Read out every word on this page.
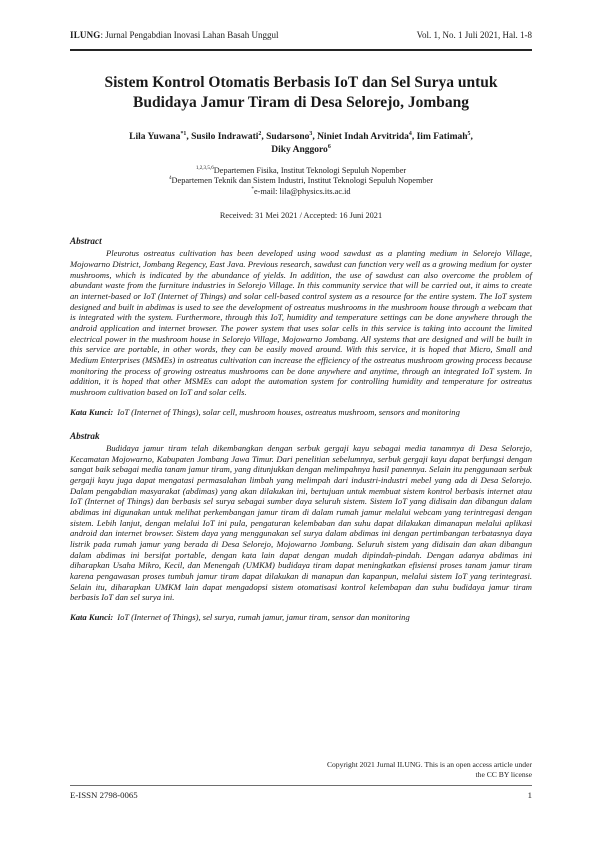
ILUNG: Jurnal Pengabdian Inovasi Lahan Basah Unggul	Vol. 1, No. 1 Juli 2021, Hal. 1-8
Sistem Kontrol Otomatis Berbasis IoT dan Sel Surya untuk
Budidaya Jamur Tiram di Desa Selorejo, Jombang
Lila Yuwana$^{*1}$, Susilo Indrawati$^2$, Sudarsono$^3$, Niniet Indah Arvitrida$^4$, Iim Fatimah$^5$,
Diky Anggoro$^6$
$^{1,2,3,5,6}$Departemen Fisika, Institut Teknologi Sepuluh Nopember
$^4$Departemen Teknik dan Sistem Industri, Institut Teknologi Sepuluh Nopember
*e-mail: lila@physics.its.ac.id
Received: 31 Mei 2021 / Accepted: 16 Juni 2021
Abstract

Pleurotus ostreatus cultivation has been developed using wood sawdust as a planting medium in Selorejo Village, Mojowarno District, Jombang Regency, East Java. Previous research, sawdust can function very well as a growing medium for oyster mushrooms, which is indicated by the abundance of yields. In addition, the use of sawdust can also overcome the problem of abundant waste from the furniture industries in Selorejo Village. In this community service that will be carried out, it aims to create an internet-based or IoT (Internet of Things) and solar cell-based control system as a resource for the entire system. The IoT system designed and built in abdimas is used to see the development of ostreatus mushrooms in the mushroom house through a webcam that is integrated with the system. Furthermore, through this IoT, humidity and temperature settings can be done anywhere through the android application and internet browser. The power system that uses solar cells in this service is taking into account the limited electrical power in the mushroom house in Selorejo Village, Mojowarno Jombang. All systems that are designed and will be built in this service are portable, in other words, they can be easily moved around. With this service, it is hoped that Micro, Small and Medium Enterprises (MSMEs) in ostreatus cultivation can increase the efficiency of the ostreatus mushroom growing process because monitoring the process of growing ostreatus mushrooms can be done anywhere and anytime, through an integrated IoT system. In addition, it is hoped that other MSMEs can adopt the automation system for controlling humidity and temperature for ostreatus mushroom cultivation based on IoT and solar cells.

Kata Kunci: IoT (Internet of Things), solar cell, mushroom houses, ostreatus mushroom, sensors and monitoring
Abstrak

Budidaya jamur tiram telah dikembangkan dengan serbuk gergaji kayu sebagai media tanamnya di Desa Selorejo, Kecamatan Mojowarno, Kabupaten Jombang Jawa Timur. Dari penelitian sebelumnya, serbuk gergaji kayu dapat berfungsi dengan sangat baik sebagai media tanam jamur tiram, yang ditunjukkan dengan melimpahnya hasil panennya. Selain itu penggunaan serbuk gergaji kayu juga dapat mengatasi permasalahan limbah yang melimpah dari industri-industri mebel yang ada di Desa Selorejo. Dalam pengabdian masyarakat (abdimas) yang akan dilakukan ini, bertujuan untuk membuat sistem kontrol berbasis internet atau IoT (Internet of Things) dan berbasis sel surya sebagai sumber daya seluruh sistem. Sistem IoT yang didisain dan dibangun dalam abdimas ini digunakan untuk melihat perkembangan jamur tiram di dalam rumah jamur melalui webcam yang terintregasi dengan sistem. Lebih lanjut, dengan melalui IoT ini pula, pengaturan kelembaban dan suhu dapat dilakukan dimanapun melalui aplikasi android dan internet browser. Sistem daya yang menggunakan sel surya dalam abdimas ini dengan pertimbangan terbatasnya daya listrik pada rumah jamur yang berada di Desa Selorejo, Mojowarno Jombang. Seluruh sistem yang didisain dan akan dibangun dalam abdimas ini bersifat portable, dengan kata lain dapat dengan mudah dipindah-pindah. Dengan adanya abdimas ini diharapkan Usaha Mikro, Kecil, dan Menengah (UMKM) budidaya tiram dapat meningkatkan efisiensi proses tanam jamur tiram karena pengawasan proses tumbuh jamur tiram dapat dilakukan di manapun dan kapanpun, melalui sistem IoT yang terintegrasi. Selain itu, diharapkan UMKM lain dapat mengadopsi sistem otomatisasi kontrol kelembapan dan suhu budidaya jamur tiram berbasis IoT dan sel surya ini.

Kata Kunci: IoT (Internet of Things), sel surya, rumah jamur, jamur tiram, sensor dan monitoring
Copyright 2021 Jurnal ILUNG. This is an open access article under the CC BY license
E-ISSN 2798-0065	1
